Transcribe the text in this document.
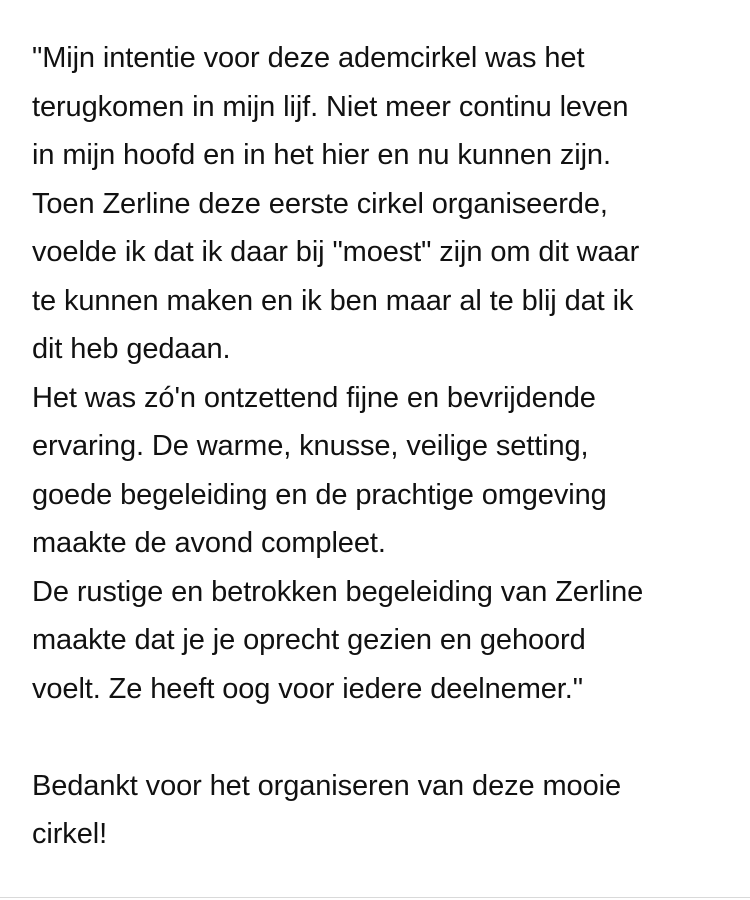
"Mijn intentie voor deze ademcirkel was het
terugkomen in mijn lijf. Niet meer continu leven
in mijn hoofd en in het hier en nu kunnen zijn.
Toen Zerline deze eerste cirkel organiseerde,
voelde ik dat ik daar bij "moest" zijn om dit waar
te kunnen maken en ik ben maar al te blij dat ik
dit heb gedaan.
Het was zó'n ontzettend fijne en bevrijdende
ervaring. De warme, knusse, veilige setting,
goede begeleiding en de prachtige omgeving
maakte de avond compleet.
De rustige en betrokken begeleiding van Zerline
maakte dat je je oprecht gezien en gehoord
voelt. Ze heeft oog voor iedere deelnemer."
Bedankt voor het organiseren van deze mooie
cirkel!
